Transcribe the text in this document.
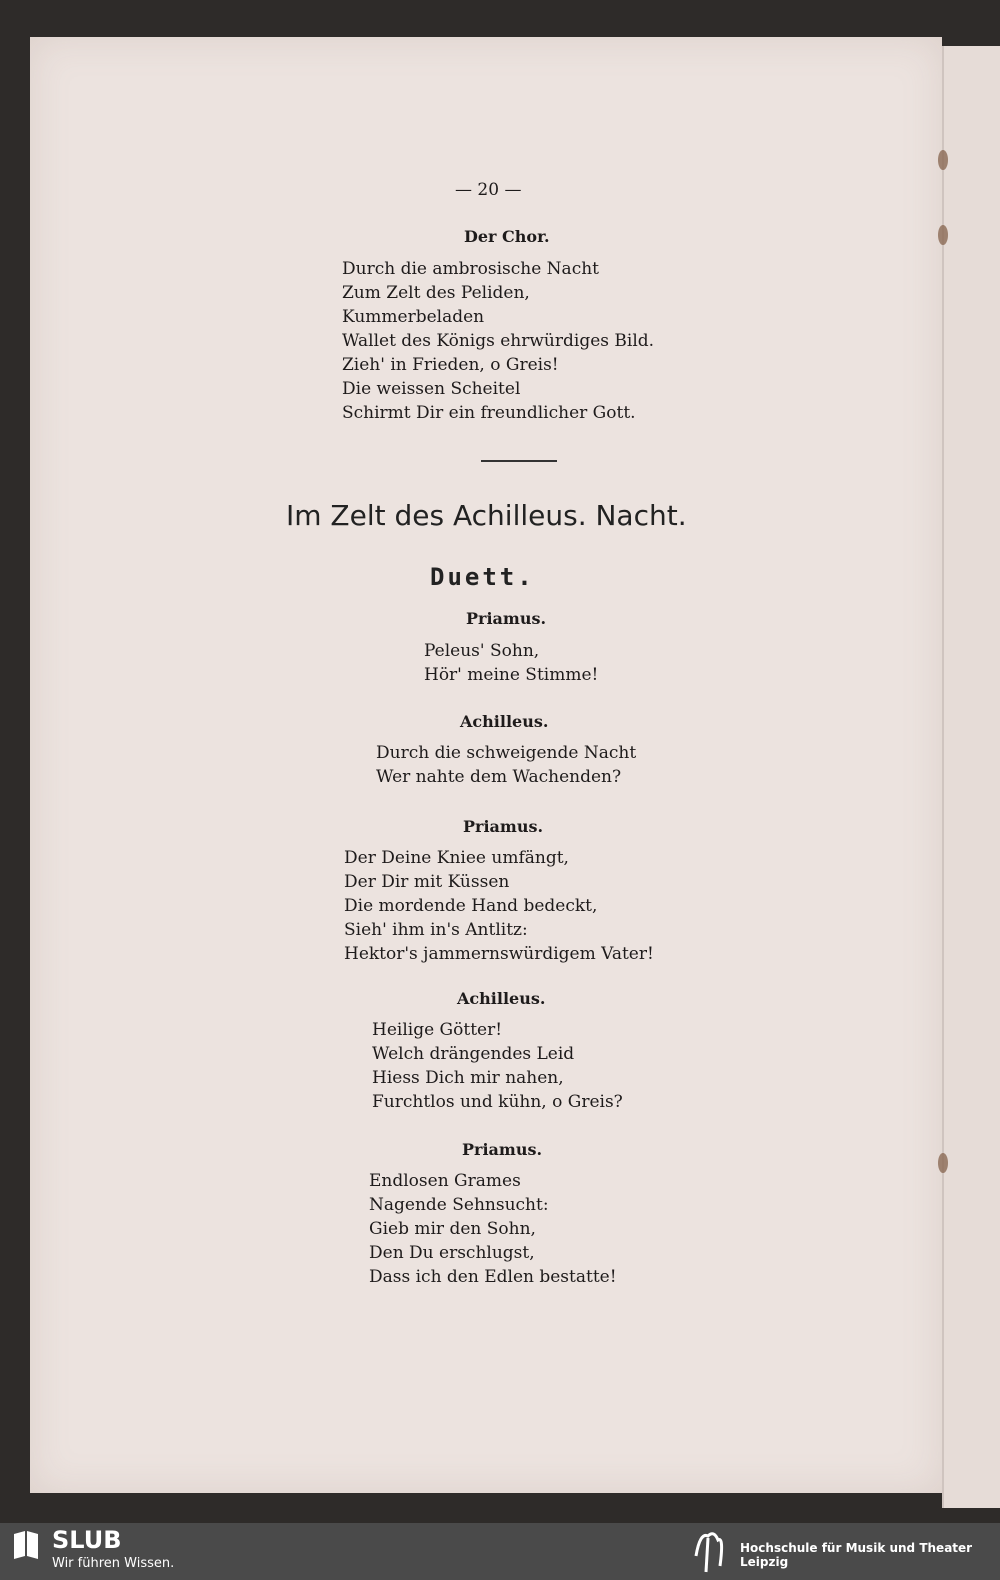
— 20 —
Der Chor.
Durch die ambrosische Nacht
Zum Zelt des Peliden,
Kummerbeladen
Wallet des Königs ehrwürdiges Bild.
Zieh' in Frieden, o Greis!
Die weissen Scheitel
Schirmt Dir ein freundlicher Gott.
Im Zelt des Achilleus. Nacht.
Duett.
Priamus.
Peleus' Sohn,
Hör' meine Stimme!
Achilleus.
Durch die schweigende Nacht
Wer nahte dem Wachenden?
Priamus.
Der Deine Kniee umfängt,
Der Dir mit Küssen
Die mordende Hand bedeckt,
Sieh' ihm in's Antlitz:
Hektor's jammernswürdigem Vater!
Achilleus.
Heilige Götter!
Welch drängendes Leid
Hiess Dich mir nahen,
Furchtlos und kühn, o Greis?
Priamus.
Endlosen Grames
Nagende Sehnsucht:
Gieb mir den Sohn,
Den Du erschlugst,
Dass ich den Edlen bestatte!
SLUB
Wir führen Wissen.
Hochschule für Musik und Theater Leipzig
